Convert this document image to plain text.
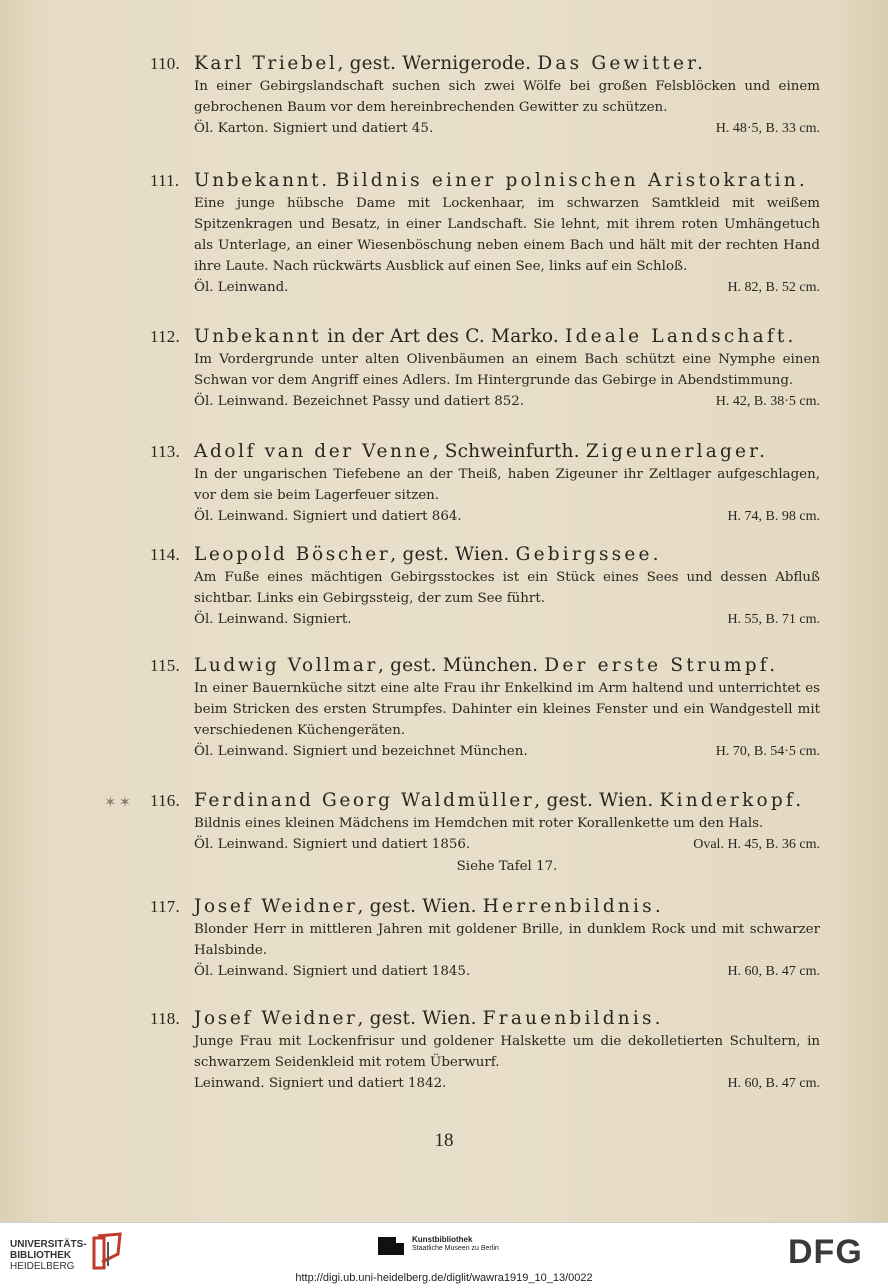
110. Karl Triebel, gest. Wernigerode. Das Gewitter.
In einer Gebirgslandschaft suchen sich zwei Wölfe bei großen Felsblöcken und einem gebrochenen Baum vor dem hereinbrechenden Gewitter zu schützen.
Öl. Karton. Signiert und datiert 45.	H. 48·5, B. 33 cm.
111. Unbekannt. Bildnis einer polnischen Aristokratin.
Eine junge hübsche Dame mit Lockenhaar, im schwarzen Samtkleid mit weißem Spitzenkragen und Besatz, in einer Landschaft. Sie lehnt, mit ihrem roten Umhängetuch als Unterlage, an einer Wiesenböschung neben einem Bach und hält mit der rechten Hand ihre Laute. Nach rückwärts Ausblick auf einen See, links auf ein Schloß.
Öl. Leinwand.	H. 82, B. 52 cm.
112. Unbekannt in der Art des C. Marko. Ideale Landschaft.
Im Vordergrunde unter alten Olivenbäumen an einem Bach schützt eine Nymphe einen Schwan vor dem Angriff eines Adlers. Im Hintergrunde das Gebirge in Abendstimmung.
Öl. Leinwand. Bezeichnet Passy und datiert 852.	H. 42, B. 38·5 cm.
113. Adolf van der Venne, Schweinfurth. Zigeunerlager.
In der ungarischen Tiefebene an der Theiß, haben Zigeuner ihr Zeltlager aufgeschlagen, vor dem sie beim Lagerfeuer sitzen.
Öl. Leinwand. Signiert und datiert 864.	H. 74, B. 98 cm.
114. Leopold Böscher, gest. Wien. Gebirgssee.
Am Fuße eines mächtigen Gebirgsstockes ist ein Stück eines Sees und dessen Abfluß sichtbar. Links ein Gebirgssteig, der zum See führt.
Öl. Leinwand. Signiert.	H. 55, B. 71 cm.
115. Ludwig Vollmar, gest. München. Der erste Strumpf.
In einer Bauernküche sitzt eine alte Frau ihr Enkelkind im Arm haltend und unterrichtet es beim Stricken des ersten Strumpfes. Dahinter ein kleines Fenster und ein Wandgestell mit verschiedenen Küchengeräten.
Öl. Leinwand. Signiert und bezeichnet München.	H. 70, B. 54·5 cm.
✶✶ 116. Ferdinand Georg Waldmüller, gest. Wien. Kinderkopf.
Bildnis eines kleinen Mädchens im Hemdchen mit roter Korallenkette um den Hals.
Öl. Leinwand. Signiert und datiert 1856.	Oval. H. 45, B. 36 cm.
Siehe Tafel 17.
117. Josef Weidner, gest. Wien. Herrenbildnis.
Blonder Herr in mittleren Jahren mit goldener Brille, in dunklem Rock und mit schwarzer Halsbinde.
Öl. Leinwand. Signiert und datiert 1845.	H. 60, B. 47 cm.
118. Josef Weidner, gest. Wien. Frauenbildnis.
Junge Frau mit Lockenfrisur und goldener Halskette um die dekolletierten Schultern, in schwarzem Seidenkleid mit rotem Überwurf.
Leinwand. Signiert und datiert 1842.	H. 60, B. 47 cm.
18
UNIVERSITÄTS-
BIBLIOTHEK
HEIDELBERG
Kunstbibliothek
Staatliche Museen zu Berlin	DFG
http://digi.ub.uni-heidelberg.de/diglit/wawra1919_10_13/0022
